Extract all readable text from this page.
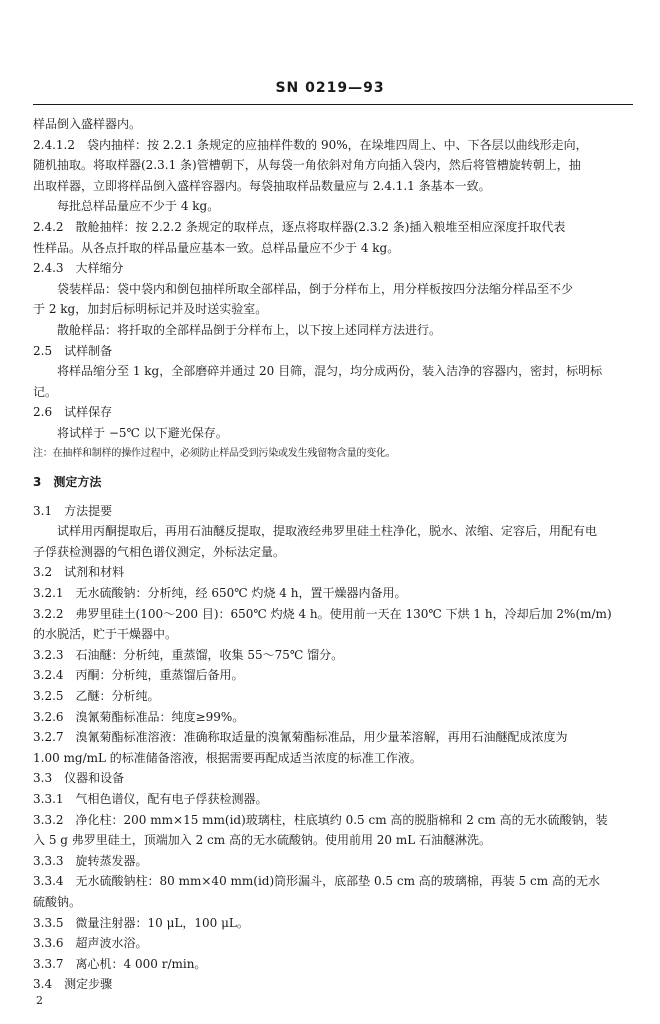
SN 0219—93
样品倒入盛样器内。
2.4.1.2　袋内抽样：按 2.2.1 条规定的应抽样件数的 90%，在垛堆四周上、中、下各层以曲线形走向，
随机抽取。将取样器(2.3.1 条)管槽朝下，从每袋一角依斜对角方向插入袋内，然后将管槽旋转朝上，抽
出取样器，立即将样品倒入盛样容器内。每袋抽取样品数量应与 2.4.1.1 条基本一致。
每批总样品量应不少于 4 kg。
2.4.2　散舱抽样：按 2.2.2 条规定的取样点，逐点将取样器(2.3.2 条)插入粮堆至相应深度扦取代表
性样品。从各点扦取的样品量应基本一致。总样品量应不少于 4 kg。
2.4.3　大样缩分
袋装样品：袋中袋内和倒包抽样所取全部样品，倒于分样布上，用分样板按四分法缩分样品至不少
于 2 kg，加封后标明标记并及时送实验室。
散舱样品：将扦取的全部样品倒于分样布上，以下按上述同样方法进行。
2.5　试样制备
将样品缩分至 1 kg，全部磨碎并通过 20 目筛，混匀，均分成两份，装入洁净的容器内，密封，标明标
记。
2.6　试样保存
将试样于 −5℃ 以下避光保存。
注：在抽样和制样的操作过程中，必须防止样品受到污染或发生残留物含量的变化。
3　测定方法
3.1　方法提要
试样用丙酮提取后，再用石油醚反提取，提取液经弗罗里硅土柱净化，脱水、浓缩、定容后，用配有电
子俘获检测器的气相色谱仪测定，外标法定量。
3.2　试剂和材料
3.2.1　无水硫酸钠：分析纯，经 650℃ 灼烧 4 h，置干燥器内备用。
3.2.2　弗罗里硅土(100～200 目)：650℃ 灼烧 4 h。使用前一天在 130℃ 下烘 1 h，冷却后加 2%(m/m)
的水脱活，贮于干燥器中。
3.2.3　石油醚：分析纯，重蒸馏，收集 55～75℃ 馏分。
3.2.4　丙酮：分析纯，重蒸馏后备用。
3.2.5　乙醚：分析纯。
3.2.6　溴氰菊酯标准品：纯度≥99%。
3.2.7　溴氰菊酯标准溶液：准确称取适量的溴氰菊酯标准品，用少量苯溶解，再用石油醚配成浓度为
1.00 mg/mL 的标准储备溶液，根据需要再配成适当浓度的标准工作液。
3.3　仪器和设备
3.3.1　气相色谱仪，配有电子俘获检测器。
3.3.2　净化柱：200 mm×15 mm(id)玻璃柱，柱底填约 0.5 cm 高的脱脂棉和 2 cm 高的无水硫酸钠，装
入 5 g 弗罗里硅土，顶端加入 2 cm 高的无水硫酸钠。使用前用 20 mL 石油醚淋洗。
3.3.3　旋转蒸发器。
3.3.4　无水硫酸钠柱：80 mm×40 mm(id)筒形漏斗，底部垫 0.5 cm 高的玻璃棉，再装 5 cm 高的无水
硫酸钠。
3.3.5　微量注射器：10 μL，100 μL。
3.3.6　超声波水浴。
3.3.7　离心机：4 000 r/min。
3.4　测定步骤
2
